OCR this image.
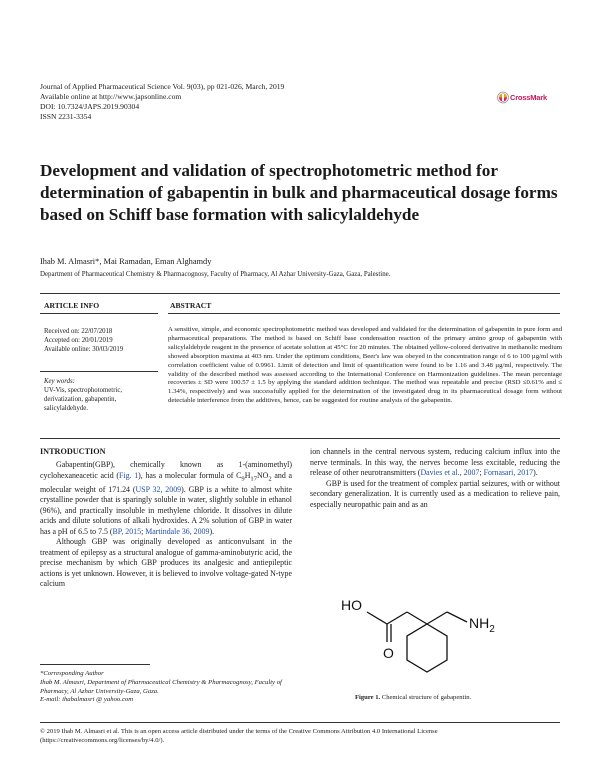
Journal of Applied Pharmaceutical Science Vol. 9(03), pp 021-026, March, 2019
Available online at http://www.japsonline.com
DOI: 10.7324/JAPS.2019.90304
ISSN 2231-3354
CrossMark
Development and validation of spectrophotometric method for determination of gabapentin in bulk and pharmaceutical dosage forms based on Schiff base formation with salicylaldehyde
Ihab M. Almasri*, Mai Ramadan, Eman Alghamdy
Department of Pharmaceutical Chemistry & Pharmacognosy, Faculty of Pharmacy, Al Azhar University-Gaza, Gaza, Palestine.
ARTICLE INFO
Received on: 22/07/2018
Accepted on: 20/01/2019
Available online: 30/03/2019
Key words:
UV-Vis, spectrophotometric, derivatization, gabapentin, salicylaldehyde.
ABSTRACT
A sensitive, simple, and economic spectrophotometric method was developed and validated for the determination of gabapentin in pure form and pharmaceutical preparations. The method is based on Schiff base condensation reaction of the primary amino group of gabapentin with salicylaldehyde reagent in the presence of acetate solution at 45°C for 20 minutes. The obtained yellow-colored derivative in methanolic medium showed absorption maxima at 403 nm. Under the optimum conditions, Beer's law was obeyed in the concentration range of 6 to 100 µg/ml with correlation coefficient value of 0.9961. Limit of detection and limit of quantification were found to be 1.16 and 3.48 µg/ml, respectively. The validity of the described method was assessed according to the International Conference on Harmonization guidelines. The mean percentage recoveries ± SD were 100.57 ± 1.5 by applying the standard addition technique. The method was repeatable and precise (RSD ≤0.61% and ≤ 1.34%, respectively) and was successfully applied for the determination of the investigated drug in its pharmaceutical dosage form without detectable interference from the additives, hence, can be suggested for routine analysis of the gabapentin.
INTRODUCTION

Gabapentin(GBP), chemically known as 1-(aminomethyl) cyclohexaneacetic acid (Fig. 1), has a molecular formula of $C_9H_{17}NO_2$ and a molecular weight of 171.24 (USP 32, 2009). GBP is a white to almost white crystalline powder that is sparingly soluble in water, slightly soluble in ethanol (96%), and practically insoluble in methylene chloride. It dissolves in dilute acids and dilute solutions of alkali hydroxides. A 2% solution of GBP in water has a pH of 6.5 to 7.5 (BP, 2015; Martindale 36, 2009).

Although GBP was originally developed as anticonvulsant in the treatment of epilepsy as a structural analogue of gamma-aminobutyric acid, the precise mechanism by which GBP produces its analgesic and antiepileptic actions is yet unknown. However, it is believed to involve voltage-gated N-type calcium

ion channels in the central nervous system, reducing calcium influx into the nerve terminals. In this way, the nerves become less excitable, reducing the release of other neurotransmitters (Davies et al., 2007; Fornasari, 2017).

GBP is used for the treatment of complex partial seizures, with or without secondary generalization. It is currently used as a medication to relieve pain, especially neuropathic pain and as an

HO
O
$NH_2$
Figure 1. Chemical structure of gabapentin.
*Corresponding Author
Ihab M. Almasri, Department of Pharmaceutical Chemistry & Pharmacognosy, Faculty of Pharmacy, Al Azhar University-Gaza, Gaza.
E-mail: ihabalmasri @ yahoo.com
© 2019 Ihab M. Almasri et al. This is an open access article distributed under the terms of the Creative Commons Attribution 4.0 International License (https://creativecommons.org/licenses/by/4.0/).
